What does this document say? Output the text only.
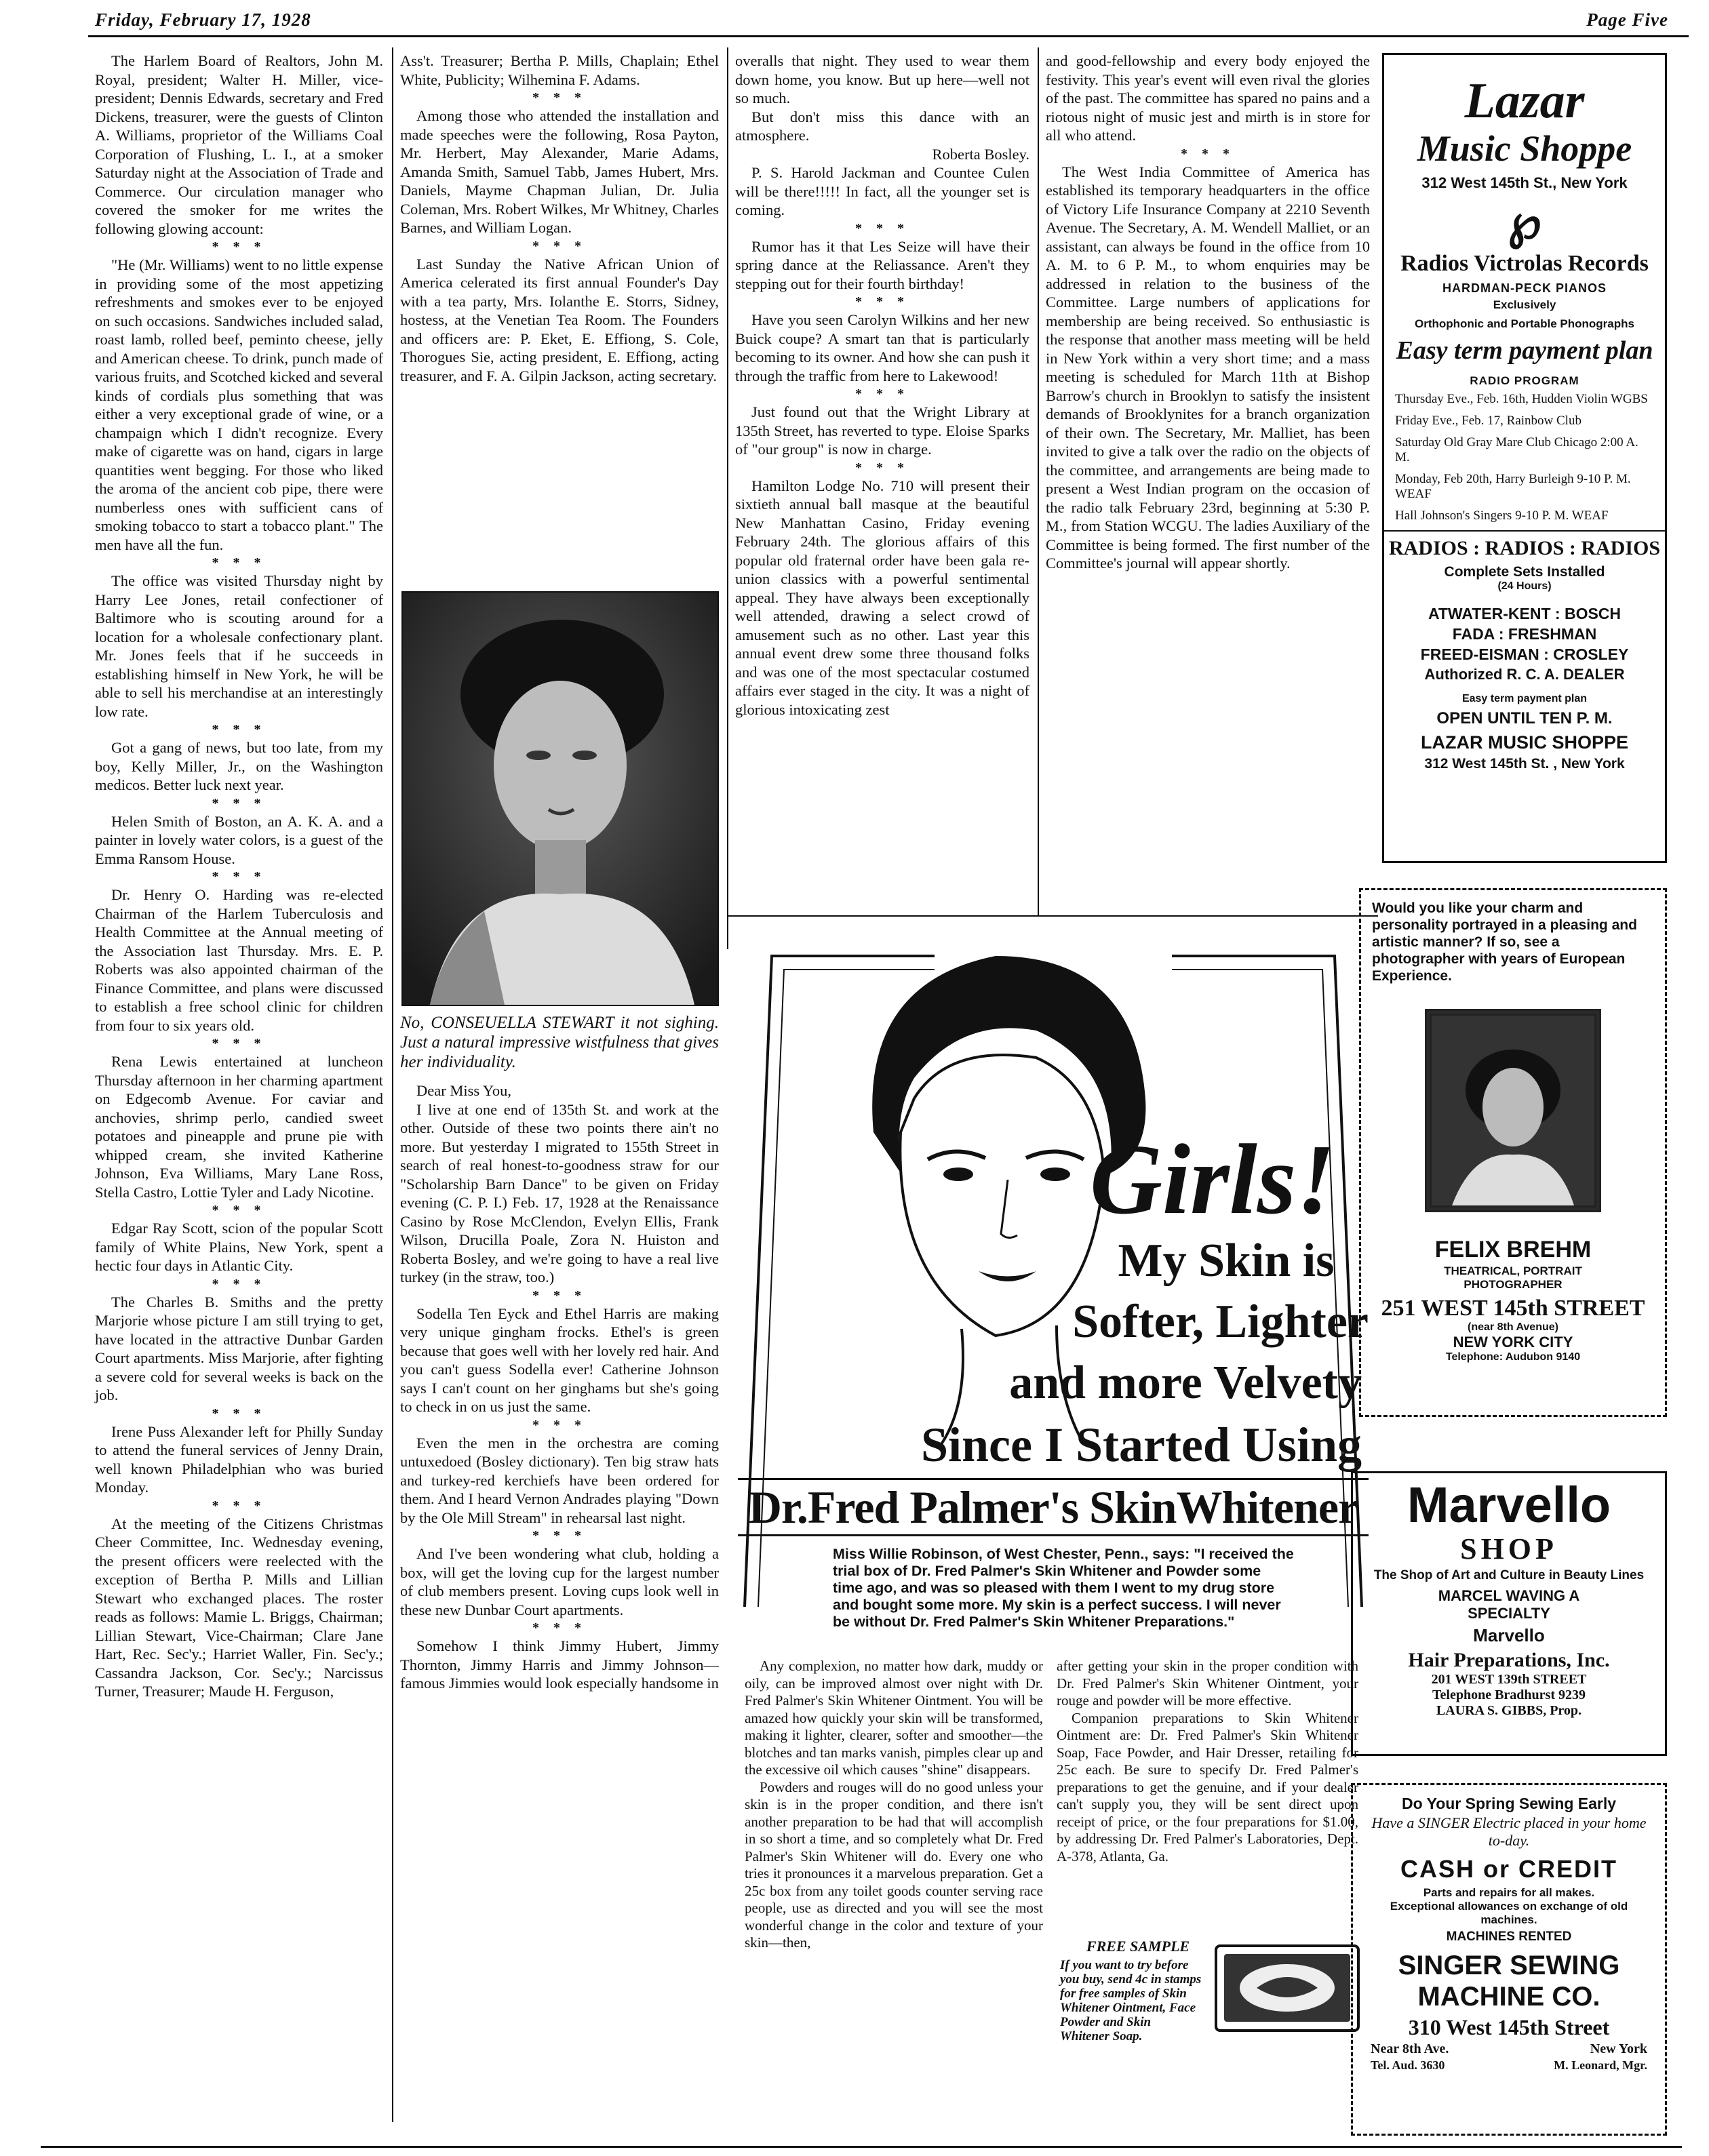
Friday, February 17, 1928	Page Five

The Harlem Board of Realtors, John M. Royal, president; Walter H. Miller, vice-president; Dennis Edwards, secretary and Fred Dickens, treasurer, were the guests of Clinton A. Williams, proprietor of the Williams Coal Corporation of Flushing, L. I., at a smoker Saturday night at the Association of Trade and Commerce. Our circulation manager who covered the smoker for me writes the following glowing account:

* * *

"He (Mr. Williams) went to no little expense in providing some of the most appetizing refreshments and smokes ever to be enjoyed on such occasions. Sandwiches included salad, roast lamb, rolled beef, peminto cheese, jelly and American cheese. To drink, punch made of various fruits, and Scotched kicked and several kinds of cordials plus something that was either a very exceptional grade of wine, or a champaign which I didn't recognize. Every make of cigarette was on hand, cigars in large quantities went begging. For those who liked the aroma of the ancient cob pipe, there were numberless ones with sufficient cans of smoking tobacco to start a tobacco plant." The men have all the fun.

* * *

The office was visited Thursday night by Harry Lee Jones, retail confectioner of Baltimore who is scouting around for a location for a wholesale confectionary plant. Mr. Jones feels that if he succeeds in establishing himself in New York, he will be able to sell his merchandise at an interestingly low rate.

* * *

Got a gang of news, but too late, from my boy, Kelly Miller, Jr., on the Washington medicos. Better luck next year.

* * *

Helen Smith of Boston, an A. K. A. and a painter in lovely water colors, is a guest of the Emma Ransom House.

* * *

Dr. Henry O. Harding was re-elected Chairman of the Harlem Tuberculosis and Health Committee at the Annual meeting of the Association last Thursday. Mrs. E. P. Roberts was also appointed chairman of the Finance Committee, and plans were discussed to establish a free school clinic for children from four to six years old.

* * *

Rena Lewis entertained at luncheon Thursday afternoon in her charming apartment on Edgecomb Avenue. For caviar and anchovies, shrimp perlo, candied sweet potatoes and pineapple and prune pie with whipped cream, she invited Katherine Johnson, Eva Williams, Mary Lane Ross, Stella Castro, Lottie Tyler and Lady Nicotine.

* * *

Edgar Ray Scott, scion of the popular Scott family of White Plains, New York, spent a hectic four days in Atlantic City.

* * *

The Charles B. Smiths and the pretty Marjorie whose picture I am still trying to get, have located in the attractive Dunbar Garden Court apartments. Miss Marjorie, after fighting a severe cold for several weeks is back on the job.

* * *

Irene Puss Alexander left for Philly Sunday to attend the funeral services of Jenny Drain, well known Philadelphian who was buried Monday.

* * *

At the meeting of the Citizens Christmas Cheer Committee, Inc. Wednesday evening, the present officers were reelected with the exception of Bertha P. Mills and Lillian Stewart who exchanged places. The roster reads as follows: Mamie L. Briggs, Chairman; Lillian Stewart, Vice-Chairman; Clare Jane Hart, Rec. Sec'y.; Harriet Waller, Fin. Sec'y.; Cassandra Jackson, Cor. Sec'y.; Narcissus Turner, Treasurer; Maude H. Ferguson,

Ass't. Treasurer; Bertha P. Mills, Chaplain; Ethel White, Publicity; Wilhemina F. Adams.

* * *

Among those who attended the installation and made speeches were the following, Rosa Payton, Mr. Herbert, May Alexander, Marie Adams, Amanda Smith, Samuel Tabb, James Hubert, Mrs. Daniels, Mayme Chapman Julian, Dr. Julia Coleman, Mrs. Robert Wilkes, Mr Whitney, Charles Barnes, and William Logan.

* * *

Last Sunday the Native African Union of America celerated its first annual Founder's Day with a tea party, Mrs. Iolanthe E. Storrs, Sidney, hostess, at the Venetian Tea Room. The Founders and officers are: P. Eket, E. Effiong, S. Cole, Thorogues Sie, acting president, E. Effiong, acting treasurer, and F. A. Gilpin Jackson, acting secretary.

No, CONSEUELLA STEWART it not sighing. Just a natural impressive wistfulness that gives her individuality.

Dear Miss You,

I live at one end of 135th St. and work at the other. Outside of these two points there ain't no more. But yesterday I migrated to 155th Street in search of real honest-to-goodness straw for our "Scholarship Barn Dance" to be given on Friday evening (C. P. I.) Feb. 17, 1928 at the Renaissance Casino by Rose McClendon, Evelyn Ellis, Frank Wilson, Drucilla Poale, Zora N. Huiston and Roberta Bosley, and we're going to have a real live turkey (in the straw, too.)

* * *

Sodella Ten Eyck and Ethel Harris are making very unique gingham frocks. Ethel's is green because that goes well with her lovely red hair. And you can't guess Sodella ever! Catherine Johnson says I can't count on her ginghams but she's going to check in on us just the same.

* * *

Even the men in the orchestra are coming untuxedoed (Bosley dictionary). Ten big straw hats and turkey-red kerchiefs have been ordered for them. And I heard Vernon Andrades playing "Down by the Ole Mill Stream" in rehearsal last night.

* * *

And I've been wondering what club, holding a box, will get the loving cup for the largest number of club members present. Loving cups look well in these new Dunbar Court apartments.

* * *

Somehow I think Jimmy Hubert, Jimmy Thornton, Jimmy Harris and Jimmy Johnson—famous Jimmies would look especially handsome in

overalls that night. They used to wear them down home, you know. But up here—well not so much.

But don't miss this dance with an atmosphere.

Roberta Bosley.

P. S. Harold Jackman and Countee Culen will be there!!!!! In fact, all the younger set is coming.

* * *

Rumor has it that Les Seize will have their spring dance at the Reliassance. Aren't they stepping out for their fourth birthday!

* * *

Have you seen Carolyn Wilkins and her new Buick coupe? A smart tan that is particularly becoming to its owner. And how she can push it through the traffic from here to Lakewood!

* * *

Just found out that the Wright Library at 135th Street, has reverted to type. Eloise Sparks of "our group" is now in charge.

* * *

Hamilton Lodge No. 710 will present their sixtieth annual ball masque at the beautiful New Manhattan Casino, Friday evening February 24th. The glorious affairs of this popular old fraternal order have been gala re-union classics with a powerful sentimental appeal. They have always been exceptionally well attended, drawing a select crowd of amusement such as no other. Last year this annual event drew some three thousand folks and was one of the most spectacular costumed affairs ever staged in the city. It was a night of glorious intoxicating zest

and good-fellowship and every body enjoyed the festivity. This year's event will even rival the glories of the past. The committee has spared no pains and a riotous night of music jest and mirth is in store for all who attend.

* * *

The West India Committee of America has established its temporary headquarters in the office of Victory Life Insurance Company at 2210 Seventh Avenue. The Secretary, A. M. Wendell Malliet, or an assistant, can always be found in the office from 10 A. M. to 6 P. M., to whom enquiries may be addressed in relation to the business of the Committee. Large numbers of applications for membership are being received. So enthusiastic is the response that another mass meeting will be held in New York within a very short time; and a mass meeting is scheduled for March 11th at Bishop Barrow's church in Brooklyn to satisfy the insistent demands of Brooklynites for a branch organization of their own. The Secretary, Mr. Malliet, has been invited to give a talk over the radio on the objects of the committee, and arrangements are being made to present a West Indian program on the occasion of the radio talk February 23rd, beginning at 5:30 P. M., from Station WCGU. The ladies Auxiliary of the Committee is being formed. The first number of the Committee's journal will appear shortly.

Girls!
My Skin is
Softer, Lighter
and more Velvety
Since I Started Using
Dr.Fred Palmer's SkinWhitener
Miss Willie Robinson, of West Chester, Penn., says: "I received the trial box of Dr. Fred Palmer's Skin Whitener and Powder some time ago, and was so pleased with them I went to my drug store and bought some more. My skin is a perfect success. I will never be without Dr. Fred Palmer's Skin Whitener Preparations."

Any complexion, no matter how dark, muddy or oily, can be improved almost over night with Dr. Fred Palmer's Skin Whitener Ointment. You will be amazed how quickly your skin will be transformed, making it lighter, clearer, softer and smoother—the blotches and tan marks vanish, pimples clear up and the excessive oil which causes "shine" disappears.

Powders and rouges will do no good unless your skin is in the proper condition, and there isn't another preparation to be had that will accomplish in so short a time, and so completely what Dr. Fred Palmer's Skin Whitener will do. Every one who tries it pronounces it a marvelous preparation. Get a 25c box from any toilet goods counter serving race people, use as directed and you will see the most wonderful change in the color and texture of your skin—then,

after getting your skin in the proper condition with Dr. Fred Palmer's Skin Whitener Ointment, your rouge and powder will be more effective.

Companion preparations to Skin Whitener Ointment are: Dr. Fred Palmer's Skin Whitener Soap, Face Powder, and Hair Dresser, retailing for 25c each. Be sure to specify Dr. Fred Palmer's preparations to get the genuine, and if your dealer can't supply you, they will be sent direct upon receipt of price, or the four preparations for $1.00, by addressing Dr. Fred Palmer's Laboratories, Dept. A-378, Atlanta, Ga.

FREE SAMPLE
If you want to try before you buy, send 4c in stamps for free samples of Skin Whitener Ointment, Face Powder and Skin Whitener Soap.
Lazar
Music Shoppe
312 West 145th St., New York
℘
Radios Victrolas Records
HARDMAN-PECK PIANOS
Exclusively
Orthophonic and Portable Phonographs
Easy term payment plan
RADIO PROGRAM
Thursday Eve., Feb. 16th, Hudden Violin WGBS
Friday Eve., Feb. 17, Rainbow Club
Saturday Old Gray Mare Club Chicago 2:00 A. M.
Monday, Feb 20th, Harry Burleigh 9-10 P. M. WEAF
Hall Johnson's Singers 9-10 P. M. WEAF
RADIOS : RADIOS : RADIOS
Complete Sets Installed
(24 Hours)
ATWATER-KENT : BOSCH
FADA : FRESHMAN
FREED-EISMAN : CROSLEY
Authorized R. C. A. DEALER
Easy term payment plan
OPEN UNTIL TEN P. M.
LAZAR MUSIC SHOPPE
312 West 145th St. , New York
Would you like your charm and personality portrayed in a pleasing and artistic manner? If so, see a photographer with years of European Experience.
FELIX BREHM
THEATRICAL, PORTRAIT PHOTOGRAPHER
251 WEST 145th STREET
(near 8th Avenue)
NEW YORK CITY
Telephone: Audubon 9140
Marvello
SHOP
The Shop of Art and Culture in Beauty Lines
MARCEL WAVING A
SPECIALTY
Marvello
Hair Preparations, Inc.
201 WEST 139th STREET
Telephone Bradhurst 9239
LAURA S. GIBBS, Prop.
Do Your Spring Sewing Early
Have a SINGER Electric placed in your home to-day.
CASH or CREDIT
Parts and repairs for all makes.
Exceptional allowances on exchange of old machines.
MACHINES RENTED
SINGER SEWING
MACHINE CO.
310 West 145th Street
Near 8th Ave.	New York
Tel. Aud. 3630	M. Leonard, Mgr.
